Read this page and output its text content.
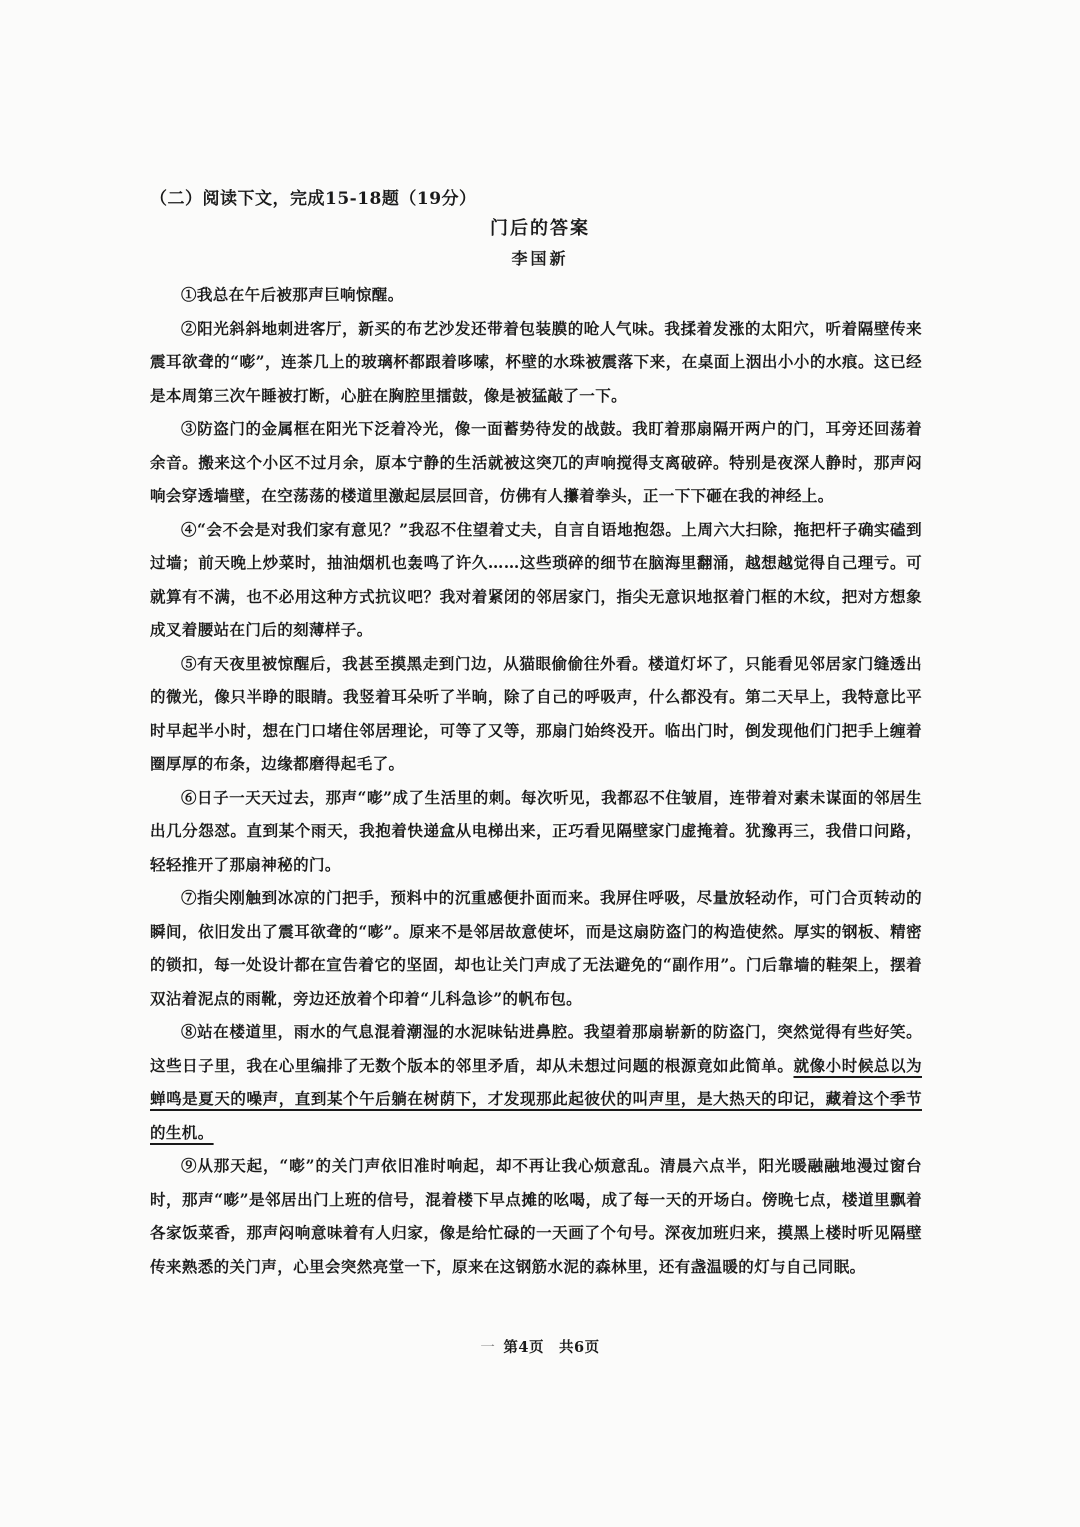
（二）阅读下文，完成15-18题（19分）
门后的答案
李国新

①我总在午后被那声巨响惊醒。

②阳光斜斜地刺进客厅，新买的布艺沙发还带着包装膜的呛人气味。我揉着发涨的太阳穴，听着隔壁传来震耳欲聋的“嘭”，连茶几上的玻璃杯都跟着哆嗦，杯壁的水珠被震落下来，在桌面上洇出小小的水痕。这已经是本周第三次午睡被打断，心脏在胸腔里擂鼓，像是被猛敲了一下。

③防盗门的金属框在阳光下泛着冷光，像一面蓄势待发的战鼓。我盯着那扇隔开两户的门，耳旁还回荡着余音。搬来这个小区不过月余，原本宁静的生活就被这突兀的声响搅得支离破碎。特别是夜深人静时，那声闷响会穿透墙壁，在空荡荡的楼道里激起层层回音，仿佛有人攥着拳头，正一下下砸在我的神经上。

④“会不会是对我们家有意见？”我忍不住望着丈夫，自言自语地抱怨。上周六大扫除，拖把杆子确实磕到过墙；前天晚上炒菜时，抽油烟机也轰鸣了许久……这些琐碎的细节在脑海里翻涌，越想越觉得自己理亏。可就算有不满，也不必用这种方式抗议吧？我对着紧闭的邻居家门，指尖无意识地抠着门框的木纹，把对方想象成叉着腰站在门后的刻薄样子。

⑤有天夜里被惊醒后，我甚至摸黑走到门边，从猫眼偷偷往外看。楼道灯坏了，只能看见邻居家门缝透出的微光，像只半睁的眼睛。我竖着耳朵听了半晌，除了自己的呼吸声，什么都没有。第二天早上，我特意比平时早起半小时，想在门口堵住邻居理论，可等了又等，那扇门始终没开。临出门时，倒发现他们门把手上缠着圈厚厚的布条，边缘都磨得起毛了。

⑥日子一天天过去，那声“嘭”成了生活里的刺。每次听见，我都忍不住皱眉，连带着对素未谋面的邻居生出几分怨怼。直到某个雨天，我抱着快递盒从电梯出来，正巧看见隔壁家门虚掩着。犹豫再三，我借口问路，轻轻推开了那扇神秘的门。

⑦指尖刚触到冰凉的门把手，预料中的沉重感便扑面而来。我屏住呼吸，尽量放轻动作，可门合页转动的瞬间，依旧发出了震耳欲聋的“嘭”。原来不是邻居故意使坏，而是这扇防盗门的构造使然。厚实的钢板、精密的锁扣，每一处设计都在宣告着它的坚固，却也让关门声成了无法避免的“副作用”。门后靠墙的鞋架上，摆着双沾着泥点的雨靴，旁边还放着个印着“儿科急诊”的帆布包。

⑧站在楼道里，雨水的气息混着潮湿的水泥味钻进鼻腔。我望着那扇崭新的防盗门，突然觉得有些好笑。这些日子里，我在心里编排了无数个版本的邻里矛盾，却从未想过问题的根源竟如此简单。就像小时候总以为蝉鸣是夏天的噪声，直到某个午后躺在树荫下，才发现那此起彼伏的叫声里，是大热天的印记，藏着这个季节的生机。

⑨从那天起，“嘭”的关门声依旧准时响起，却不再让我心烦意乱。清晨六点半，阳光暖融融地漫过窗台时，那声“嘭”是邻居出门上班的信号，混着楼下早点摊的吆喝，成了每一天的开场白。傍晚七点，楼道里飘着各家饭菜香，那声闷响意味着有人归家，像是给忙碌的一天画了个句号。深夜加班归来，摸黑上楼时听见隔壁传来熟悉的关门声，心里会突然亮堂一下，原来在这钢筋水泥的森林里，还有盏温暖的灯与自己同眠。

一 第4页　共6页
